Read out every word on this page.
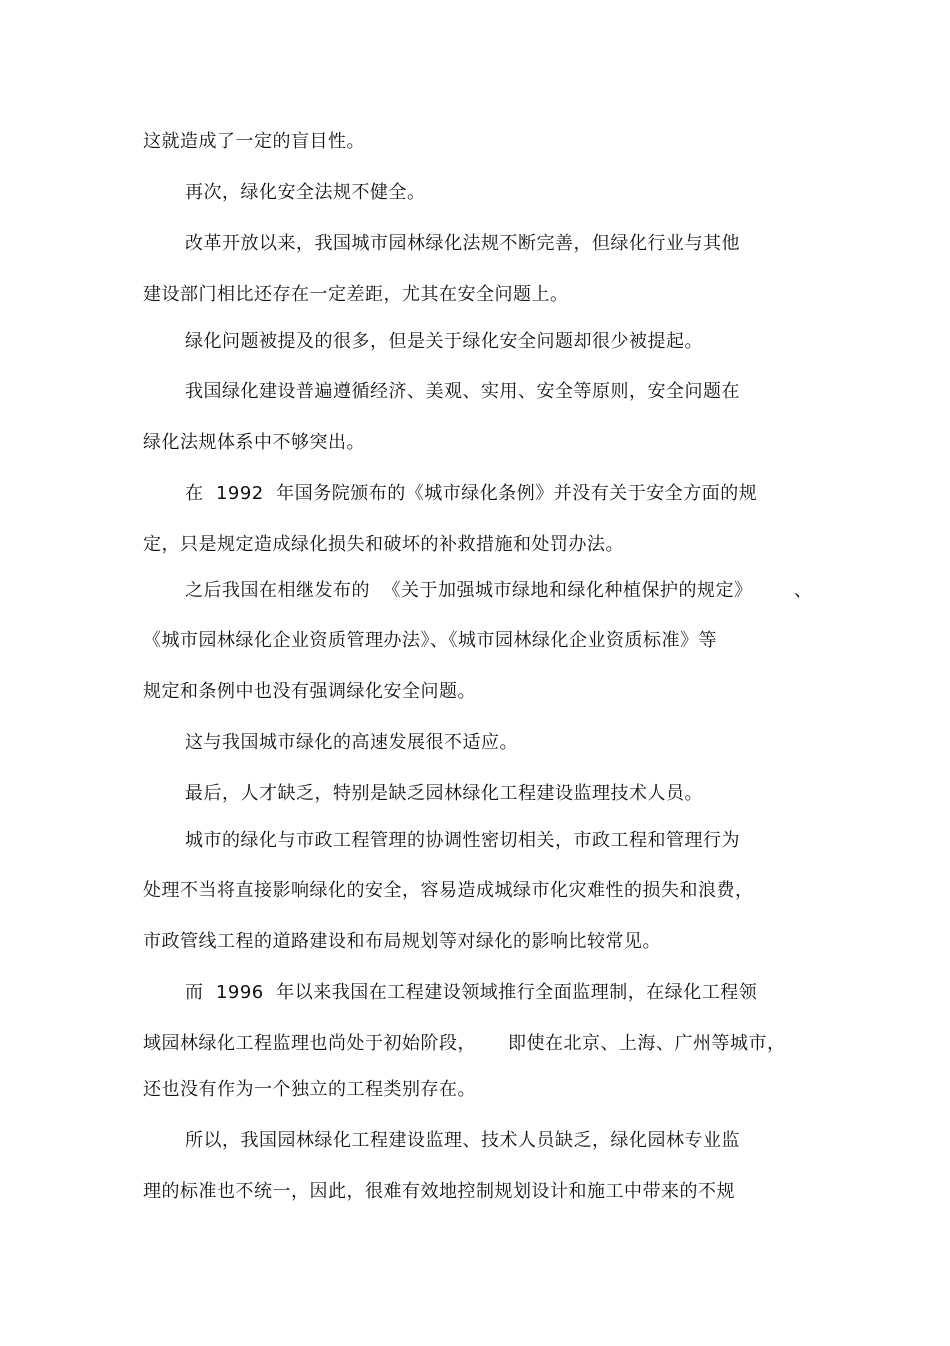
这就造成了一定的盲目性。
再次，绿化安全法规不健全。
改革开放以来，我国城市园林绿化法规不断完善，但绿化行业与其他
建设部门相比还存在一定差距，尤其在安全问题上。
绿化问题被提及的很多，但是关于绿化安全问题却很少被提起。
我国绿化建设普遍遵循经济、美观、实用、安全等原则，安全问题在
绿化法规体系中不够突出。
在  1992  年国务院颁布的《城市绿化条例》并没有关于安全方面的规
定，只是规定造成绿化损失和破坏的补救措施和处罚办法。
之后我国在相继发布的  《关于加强城市绿地和绿化种植保护的规定》 、
《城市园林绿化企业资质管理办法》、《城市园林绿化企业资质标准》等
规定和条例中也没有强调绿化安全问题。
这与我国城市绿化的高速发展很不适应。
最后，人才缺乏，特别是缺乏园林绿化工程建设监理技术人员。
城市的绿化与市政工程管理的协调性密切相关，市政工程和管理行为
处理不当将直接影响绿化的安全，容易造成城绿市化灾难性的损失和浪费，
市政管线工程的道路建设和布局规划等对绿化的影响比较常见。
而  1996  年以来我国在工程建设领域推行全面监理制，在绿化工程领
域园林绿化工程监理也尚处于初始阶段， 即使在北京、上海、广州等城市，
还也没有作为一个独立的工程类别存在。
所以，我国园林绿化工程建设监理、技术人员缺乏，绿化园林专业监
理的标准也不统一，因此，很难有效地控制规划设计和施工中带来的不规
